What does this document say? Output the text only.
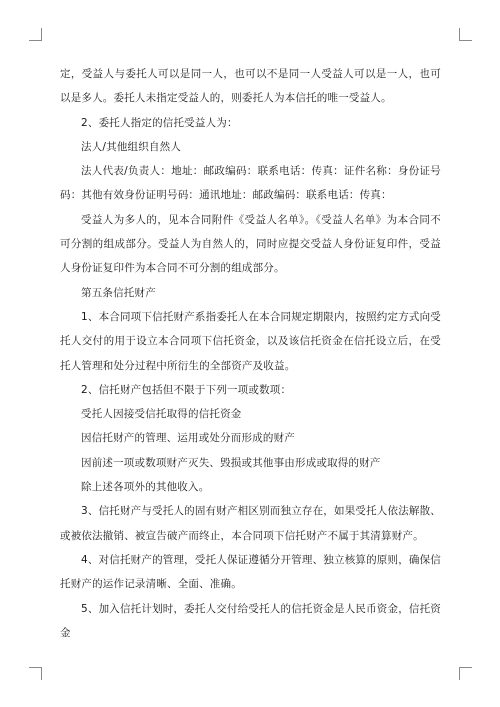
定，受益人与委托人可以是同一人，也可以不是同一人受益人可以是一人，也可以是多人。委托人未指定受益人的，则委托人为本信托的唯一受益人。

2、委托人指定的信托受益人为：

法人/其他组织自然人

法人代表/负责人：地址：邮政编码：联系电话：传真：证件名称：身份证号码：其他有效身份证明号码：通讯地址：邮政编码：联系电话：传真：

受益人为多人的，见本合同附件《受益人名单》。《受益人名单》为本合同不可分割的组成部分。受益人为自然人的，同时应提交受益人身份证复印件，受益人身份证复印件为本合同不可分割的组成部分。

第五条信托财产

1、本合同项下信托财产系指委托人在本合同规定期限内，按照约定方式向受托人交付的用于设立本合同项下信托资金，以及该信托资金在信托设立后，在受托人管理和处分过程中所衍生的全部资产及收益。

2、信托财产包括但不限于下列一项或数项：

受托人因接受信托取得的信托资金

因信托财产的管理、运用或处分而形成的财产

因前述一项或数项财产灭失、毁损或其他事由形成或取得的财产

除上述各项外的其他收入。

3、信托财产与受托人的固有财产相区别而独立存在，如果受托人依法解散、或被依法撤销、被宣告破产而终止，本合同项下信托财产不属于其清算财产。

4、对信托财产的管理，受托人保证遵循分开管理、独立核算的原则，确保信托财产的运作记录清晰、全面、准确。

5、加入信托计划时，委托人交付给受托人的信托资金是人民币资金，信托资金
